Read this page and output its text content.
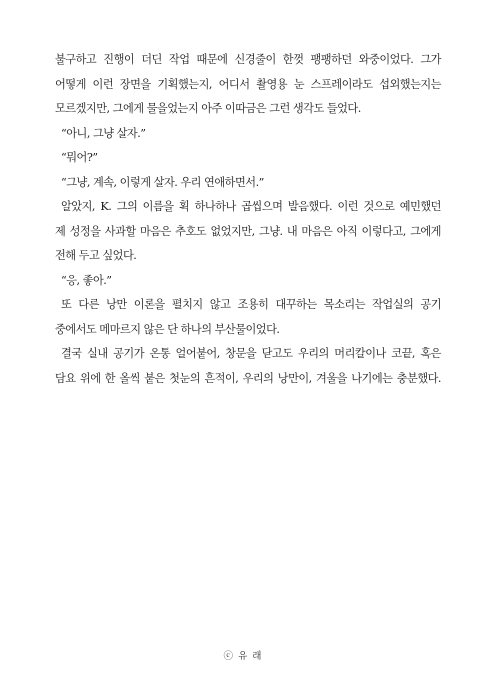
불구하고 진행이 더딘 작업 때문에 신경줄이 한껏 팽팽하던 와중이었다. 그가
어떻게 이런 장면을 기획했는지, 어디서 촬영용 눈 스프레이라도 섭외했는지는
모르겠지만, 그에게 물을었는지 아주 이따금은 그런 생각도 들었다.
“아니, 그냥 살자.”
“뭐어?”
“그냥, 계속, 이렇게 살자. 우리 연애하면서.”
알았지, K. 그의 이름을 획 하나하나 곱씹으며 발음했다. 이런 것으로 예민했던
제 성정을 사과할 마음은 추호도 없었지만, 그냥. 내 마음은 아직 이렇다고, 그에게
전해 두고 싶었다.
“응, 좋아.”
또 다른 낭만 이론을 펼치지 않고 조용히 대꾸하는 목소리는 작업실의 공기
중에서도 메마르지 않은 단 하나의 부산물이었다.
결국 실내 공기가 온통 얼어붙어, 창문을 닫고도 우리의 머리칼이나 코끝, 혹은
담요 위에 한 올씩 붙은 첫눈의 흔적이, 우리의 낭만이, 겨울을 나기에는 충분했다.
ⓒ 유 래
